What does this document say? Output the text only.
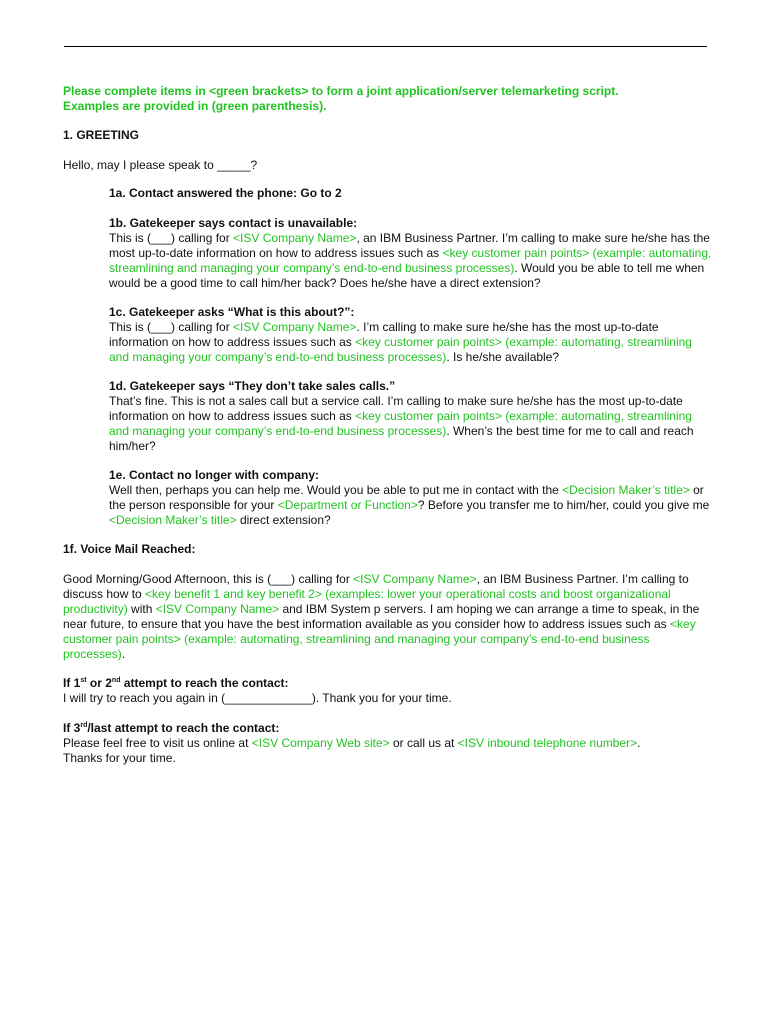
Please complete items in <green brackets> to form a joint application/server telemarketing script.
Examples are provided in (green parenthesis).

1. GREETING

Hello, may I please speak to _____?

1a. Contact answered the phone: Go to 2

1b. Gatekeeper says contact is unavailable:

This is (___) calling for <ISV Company Name>, an IBM Business Partner. I’m calling to make sure he/she has the most up-to-date information on how to address issues such as <key customer pain points> (example: automating, streamlining and managing your company’s end-to-end business processes). Would you be able to tell me when would be a good time to call him/her back? Does he/she have a direct extension?

1c. Gatekeeper asks “What is this about?”:

This is (___) calling for <ISV Company Name>. I’m calling to make sure he/she has the most up-to-date information on how to address issues such as <key customer pain points> (example: automating, streamlining and managing your company’s end-to-end business processes). Is he/she available?

1d. Gatekeeper says “They don’t take sales calls.”

That’s fine. This is not a sales call but a service call. I’m calling to make sure he/she has the most up-to-date information on how to address issues such as <key customer pain points> (example: automating, streamlining and managing your company’s end-to-end business processes). When’s the best time for me to call and reach him/her?

1e. Contact no longer with company:

Well then, perhaps you can help me. Would you be able to put me in contact with the <Decision Maker’s title> or the person responsible for your <Department or Function>? Before you transfer me to him/her, could you give me <Decision Maker’s title> direct extension?

1f. Voice Mail Reached:

Good Morning/Good Afternoon, this is (___) calling for <ISV Company Name>, an IBM Business Partner. I’m calling to discuss how to <key benefit 1 and key benefit 2> (examples: lower your operational costs and boost organizational productivity) with <ISV Company Name> and IBM System p servers. I am hoping we can arrange a time to speak, in the near future, to ensure that you have the best information available as you consider how to address issues such as <key customer pain points> (example: automating, streamlining and managing your company’s end-to-end business processes).

If 1st or 2nd attempt to reach the contact:

I will try to reach you again in (_____________). Thank you for your time.

If 3rd/last attempt to reach the contact:

Please feel free to visit us online at <ISV Company Web site> or call us at <ISV inbound telephone number>.

Thanks for your time.
